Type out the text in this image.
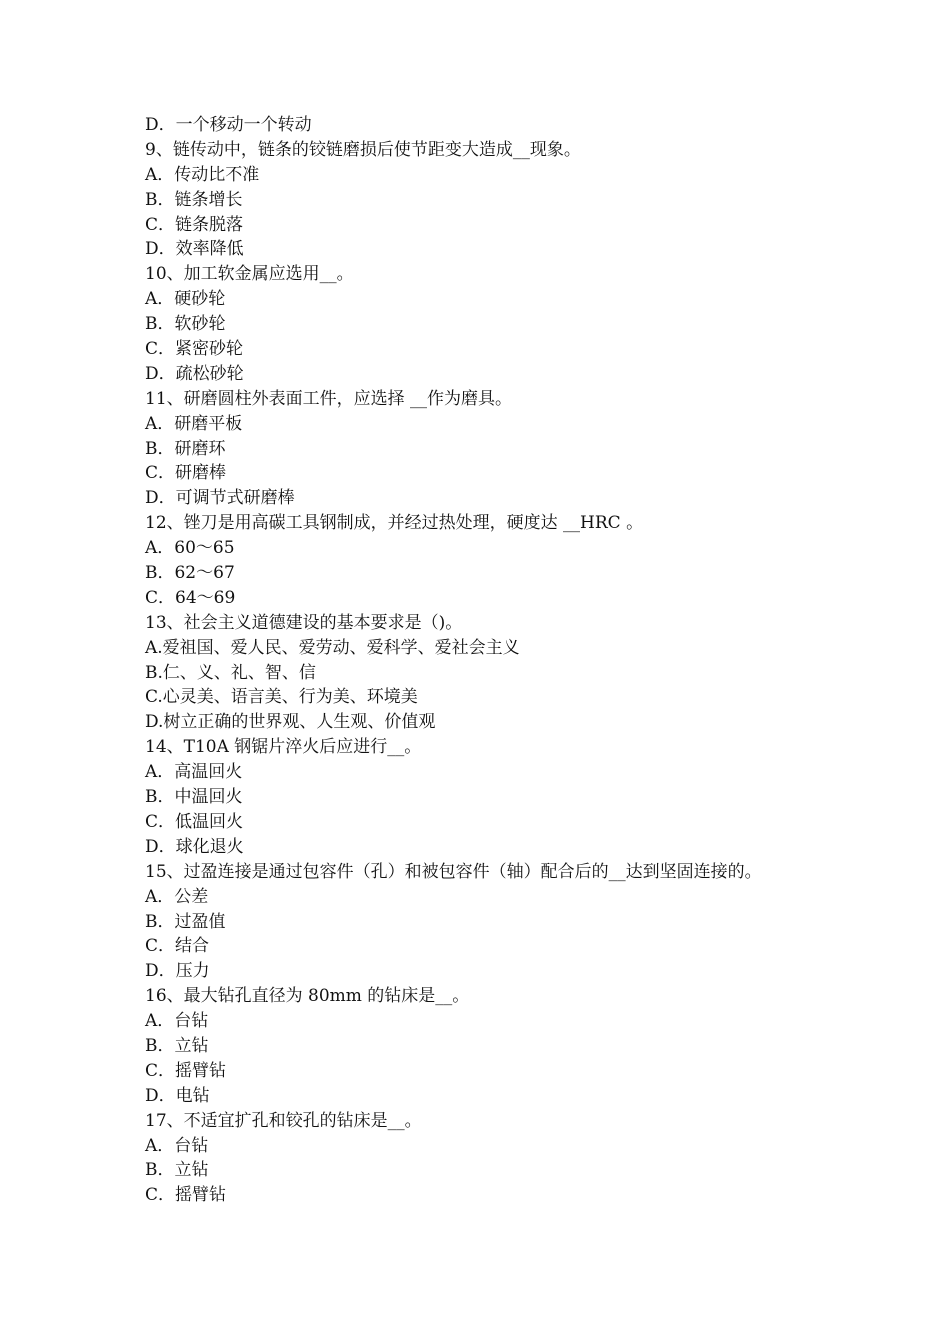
D．一个移动一个转动
9、链传动中，链条的铰链磨损后使节距变大造成__现象。
A．传动比不准
B．链条增长
C．链条脱落
D．效率降低
10、加工软金属应选用__。
A．硬砂轮
B．软砂轮
C．紧密砂轮
D．疏松砂轮
11、研磨圆柱外表面工件，应选择 __作为磨具。
A．研磨平板
B．研磨环
C．研磨棒
D．可调节式研磨棒
12、锉刀是用高碳工具钢制成，并经过热处理，硬度达 __HRC 。
A．60～65
B．62～67
C．64～69
13、社会主义道德建设的基本要求是（)。
A.爱祖国、爱人民、爱劳动、爱科学、爱社会主义
B.仁、义、礼、智、信
C.心灵美、语言美、行为美、环境美
D.树立正确的世界观、人生观、价值观
14、T10A 钢锯片淬火后应进行__。
A．高温回火
B．中温回火
C．低温回火
D．球化退火
15、过盈连接是通过包容件（孔）和被包容件（轴）配合后的__达到坚固连接的。
A．公差
B．过盈值
C．结合
D．压力
16、最大钻孔直径为 80mm 的钻床是__。
A．台钻
B．立钻
C．摇臂钻
D．电钻
17、不适宜扩孔和铰孔的钻床是__。
A．台钻
B．立钻
C．摇臂钻
